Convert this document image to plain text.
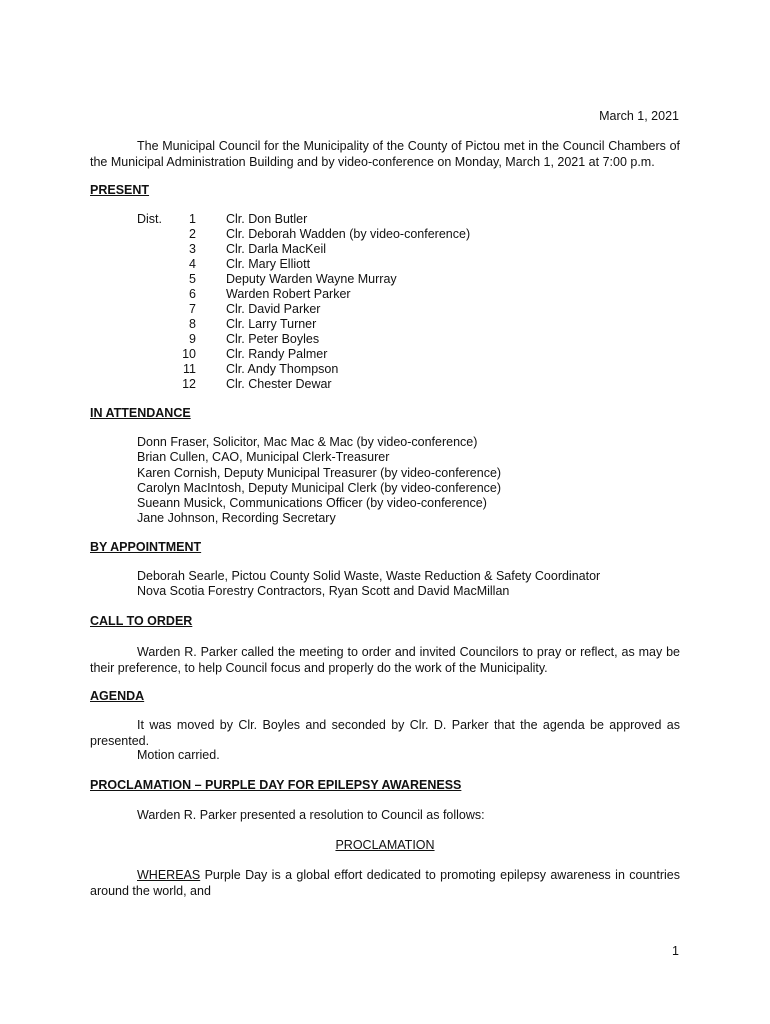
March 1, 2021
The Municipal Council for the Municipality of the County of Pictou met in the Council Chambers of the Municipal Administration Building and by video-conference on Monday, March 1, 2021 at 7:00 p.m.
PRESENT
Dist.	1 Clr. Don Butler
2 Clr. Deborah Wadden (by video-conference)
3 Clr. Darla MacKeil
4 Clr. Mary Elliott
5 Deputy Warden Wayne Murray
6 Warden Robert Parker
7 Clr. David Parker
8 Clr. Larry Turner
9 Clr. Peter Boyles
10 Clr. Randy Palmer
11 Clr. Andy Thompson
12 Clr. Chester Dewar
IN ATTENDANCE
Donn Fraser, Solicitor, Mac Mac & Mac (by video-conference)
Brian Cullen, CAO, Municipal Clerk-Treasurer
Karen Cornish, Deputy Municipal Treasurer (by video-conference)
Carolyn MacIntosh, Deputy Municipal Clerk (by video-conference)
Sueann Musick, Communications Officer (by video-conference)
Jane Johnson, Recording Secretary
BY APPOINTMENT
Deborah Searle, Pictou County Solid Waste, Waste Reduction & Safety Coordinator
Nova Scotia Forestry Contractors, Ryan Scott and David MacMillan
CALL TO ORDER
Warden R. Parker called the meeting to order and invited Councilors to pray or reflect, as may be their preference, to help Council focus and properly do the work of the Municipality.
AGENDA
It was moved by Clr. Boyles and seconded by Clr. D. Parker that the agenda be approved as presented.
Motion carried.
PROCLAMATION – PURPLE DAY FOR EPILEPSY AWARENESS
Warden R. Parker presented a resolution to Council as follows:
PROCLAMATION
WHEREAS Purple Day is a global effort dedicated to promoting epilepsy awareness in countries around the world, and
1
